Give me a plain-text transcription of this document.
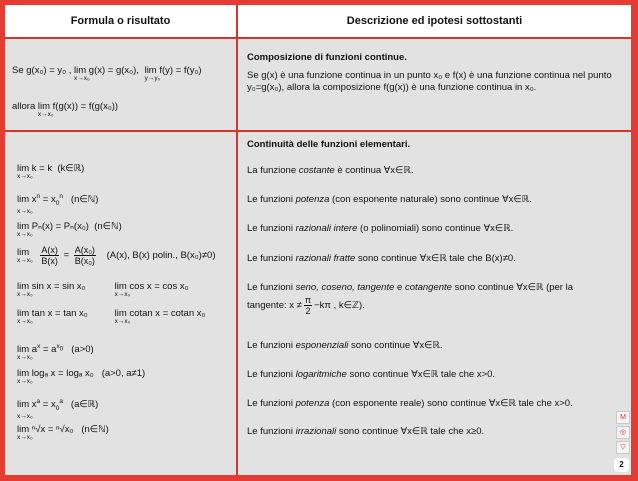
Formula o risultato	Descrizione ed ipotesi sottostanti
Se g(x₀) = y₀ , lim g(x) = g(x₀),
x→x₀

lim f(y) = f(y₀)
y→y₀
allora lim f(g(x)) = f(g(x₀))
x→x₀
Composizione di funzioni continue.
Se g(x) è una funzione continua in un punto x₀ e f(x) è una funzione continua nel punto y₀=g(x₀), allora la composizione f(g(x)) è una funzione continua in x₀.
Continuità delle funzioni elementari.
lim k = k (k∈ℝ)
x→x₀
$\lim x^n = x_0^n$ (n∈ℕ)
x→x₀
lim Pₙ(x) = Pₙ(x₀) (n∈ℕ)
x→x₀
lim
x→x₀
$\frac{A(x)}{B(x)} = \frac{\text{A(x₀)}}{\text{B(x₀)}} (A(x)$, B(x) polin., B(x₀)≠0)
lim sin x = sin x₀
x→x₀

lim cos x = cos x₀
x→x₀
lim tan x = tan x₀
x→x₀

lim cotan x = cotan x₀
x→x₀
$\lim a^x = a^{x_0}$ (a>0)
x→x₀
lim logₐ x = logₐ x₀ (a>0, a≠1)
x→x₀
$\lim x^a = x_0^a$ (a∈ℝ)
x→x₀
lim ⁿ√x = ⁿ√x₀ (n∈ℕ)
x→x₀
La funzione costante è continua ∀x∈ℝ.
Le funzioni potenza (con esponente naturale) sono continue ∀x∈ℝ.
Le funzioni razionali intere (o polinomiali) sono continue ∀x∈ℝ.
Le funzioni razionali fratte sono continue ∀x∈ℝ tale che B(x)≠0.
Le funzioni seno, coseno, tangente e cotangente sono continue ∀x∈ℝ (per la
tangente: $x \ne \frac{\pi}{2} -k\pi$ , k∈ℤ).
Le funzioni esponenziali sono continue ∀x∈ℝ.
Le funzioni logaritmiche sono continue ∀x∈ℝ tale che x>0.
Le funzioni potenza (con esponente reale) sono continue ∀x∈ℝ tale che x>0.
Le funzioni irrazionali sono continue ∀x∈ℝ tale che x≥0.
M
◎
▽
2
